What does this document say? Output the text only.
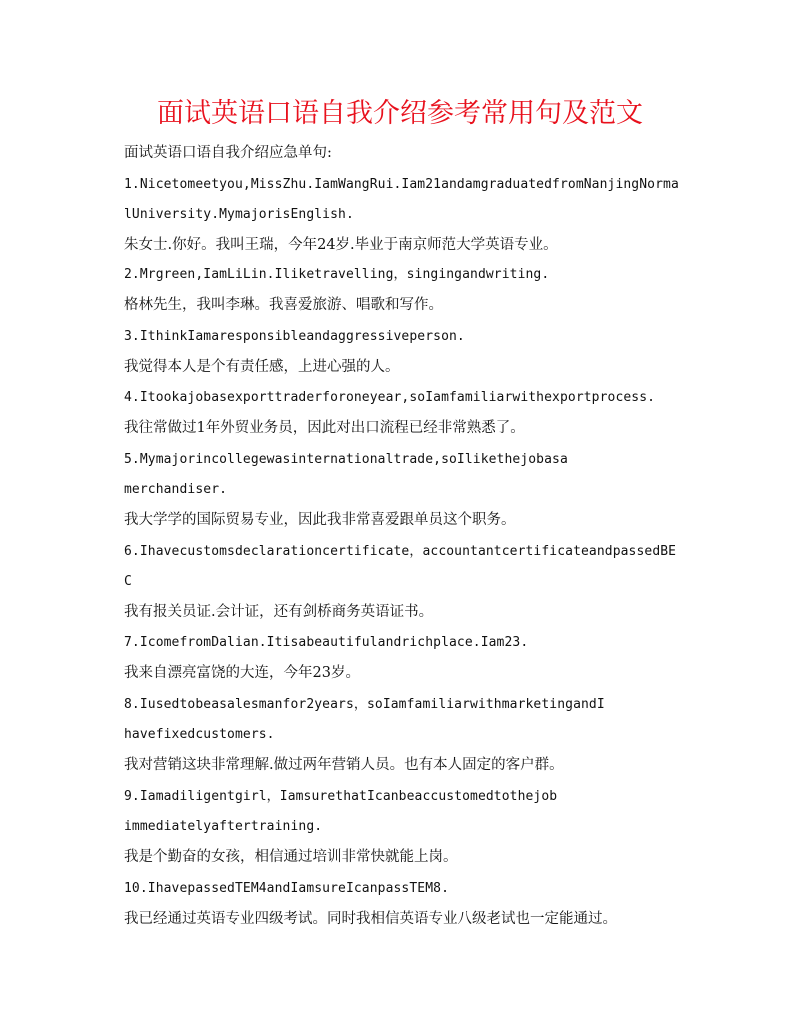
面试英语口语自我介绍参考常用句及范文
面试英语口语自我介绍应急单句:
1.Nicetomeetyou,MissZhu.IamWangRui.Iam21andamgraduatedfromNanjingNorma
lUniversity.MymajorisEnglish.
朱女士.你好。我叫王瑞，今年24岁.毕业于南京师范大学英语专业。
2.Mrgreen,IamLiLin.Iliketravelling，singingandwriting.
格林先生，我叫李琳。我喜爱旅游、唱歌和写作。
3.IthinkIamaresponsibleandaggressiveperson.
我觉得本人是个有责任感，上进心强的人。
4.Itookajobasexporttraderforoneyear,soIamfamiliarwithexportprocess.
我往常做过1年外贸业务员，因此对出口流程已经非常熟悉了。
5.Mymajorincollegewasinternationaltrade,soIlikethejobasa
merchandiser.
我大学学的国际贸易专业，因此我非常喜爱跟单员这个职务。
6.Ihavecustomsdeclarationcertificate，accountantcertificateandpassedBE
C
我有报关员证.会计证，还有剑桥商务英语证书。
7.IcomefromDalian.Itisabeautifulandrichplace.Iam23.
我来自漂亮富饶的大连，今年23岁。
8.Iusedtobeasalesmanfor2years，soIamfamiliarwithmarketingandI
havefixedcustomers.
我对营销这块非常理解.做过两年营销人员。也有本人固定的客户群。
9.Iamadiligentgirl，IamsurethatIcanbeaccustomedtothejob
immediatelyaftertraining.
我是个勤奋的女孩，相信通过培训非常快就能上岗。
10.IhavepassedTEM4andIamsureIcanpassTEM8.
我已经通过英语专业四级考试。同时我相信英语专业八级老试也一定能通过。
